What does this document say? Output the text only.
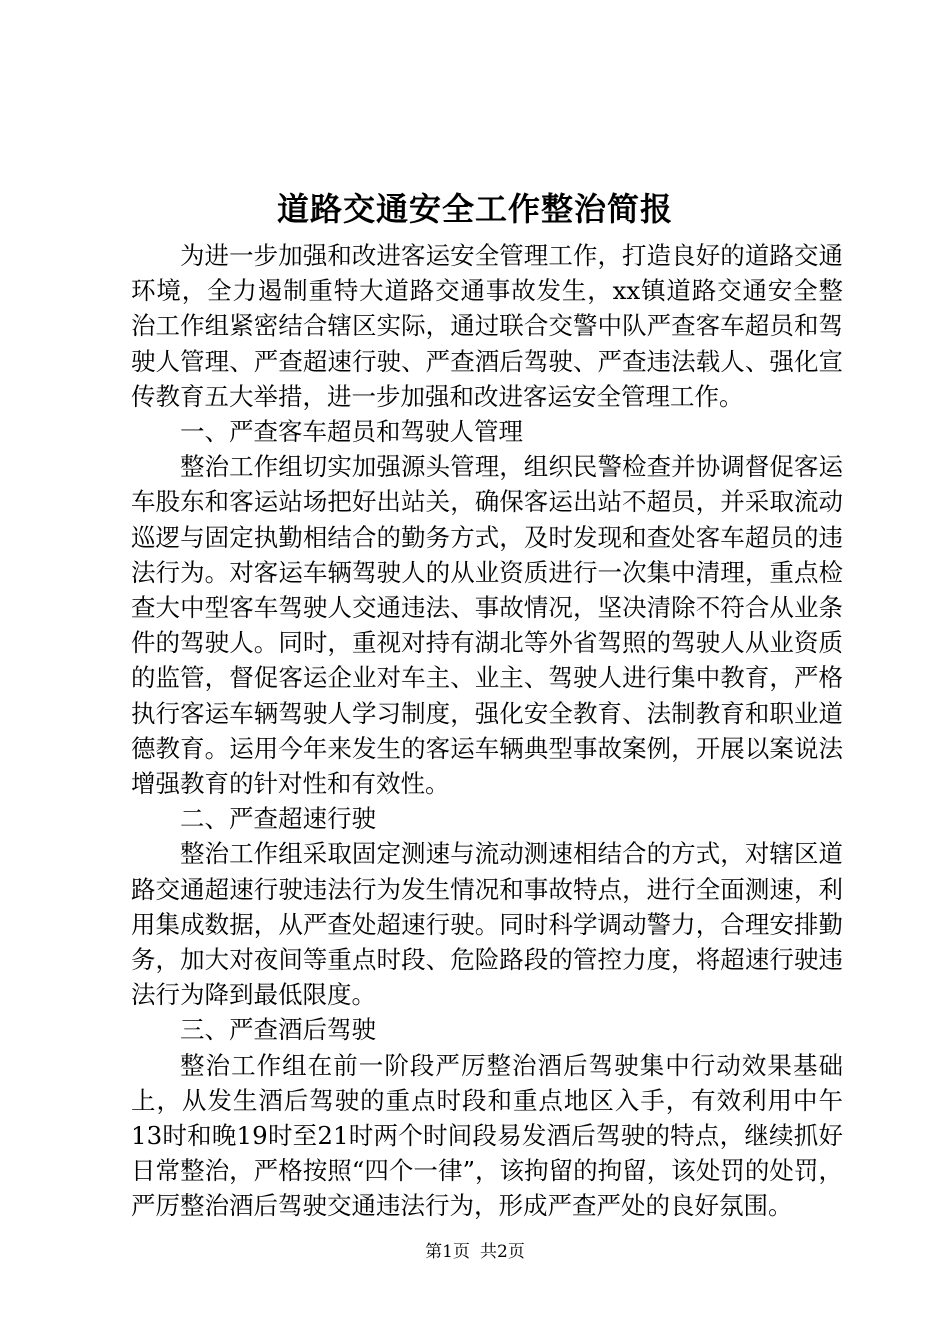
道路交通安全工作整治简报

为进一步加强和改进客运安全管理工作，打造良好的道路交通环境，全力遏制重特大道路交通事故发生，xx镇道路交通安全整治工作组紧密结合辖区实际，通过联合交警中队严查客车超员和驾驶人管理、严查超速行驶、严查酒后驾驶、严查违法载人、强化宣传教育五大举措，进一步加强和改进客运安全管理工作。

一、严查客车超员和驾驶人管理

整治工作组切实加强源头管理，组织民警检查并协调督促客运车股东和客运站场把好出站关，确保客运出站不超员，并采取流动巡逻与固定执勤相结合的勤务方式，及时发现和查处客车超员的违法行为。对客运车辆驾驶人的从业资质进行一次集中清理，重点检查大中型客车驾驶人交通违法、事故情况，坚决清除不符合从业条件的驾驶人。同时，重视对持有湖北等外省驾照的驾驶人从业资质的监管，督促客运企业对车主、业主、驾驶人进行集中教育，严格执行客运车辆驾驶人学习制度，强化安全教育、法制教育和职业道德教育。运用今年来发生的客运车辆典型事故案例，开展以案说法增强教育的针对性和有效性。

二、严查超速行驶

整治工作组采取固定测速与流动测速相结合的方式，对辖区道路交通超速行驶违法行为发生情况和事故特点，进行全面测速，利用集成数据，从严查处超速行驶。同时科学调动警力，合理安排勤务，加大对夜间等重点时段、危险路段的管控力度，将超速行驶违法行为降到最低限度。

三、严查酒后驾驶

整治工作组在前一阶段严厉整治酒后驾驶集中行动效果基础上，从发生酒后驾驶的重点时段和重点地区入手，有效利用中午13时和晚19时至21时两个时间段易发酒后驾驶的特点，继续抓好日常整治，严格按照“四个一律”，该拘留的拘留，该处罚的处罚，严厉整治酒后驾驶交通违法行为，形成严查严处的良好氛围。

第1页 共2页
